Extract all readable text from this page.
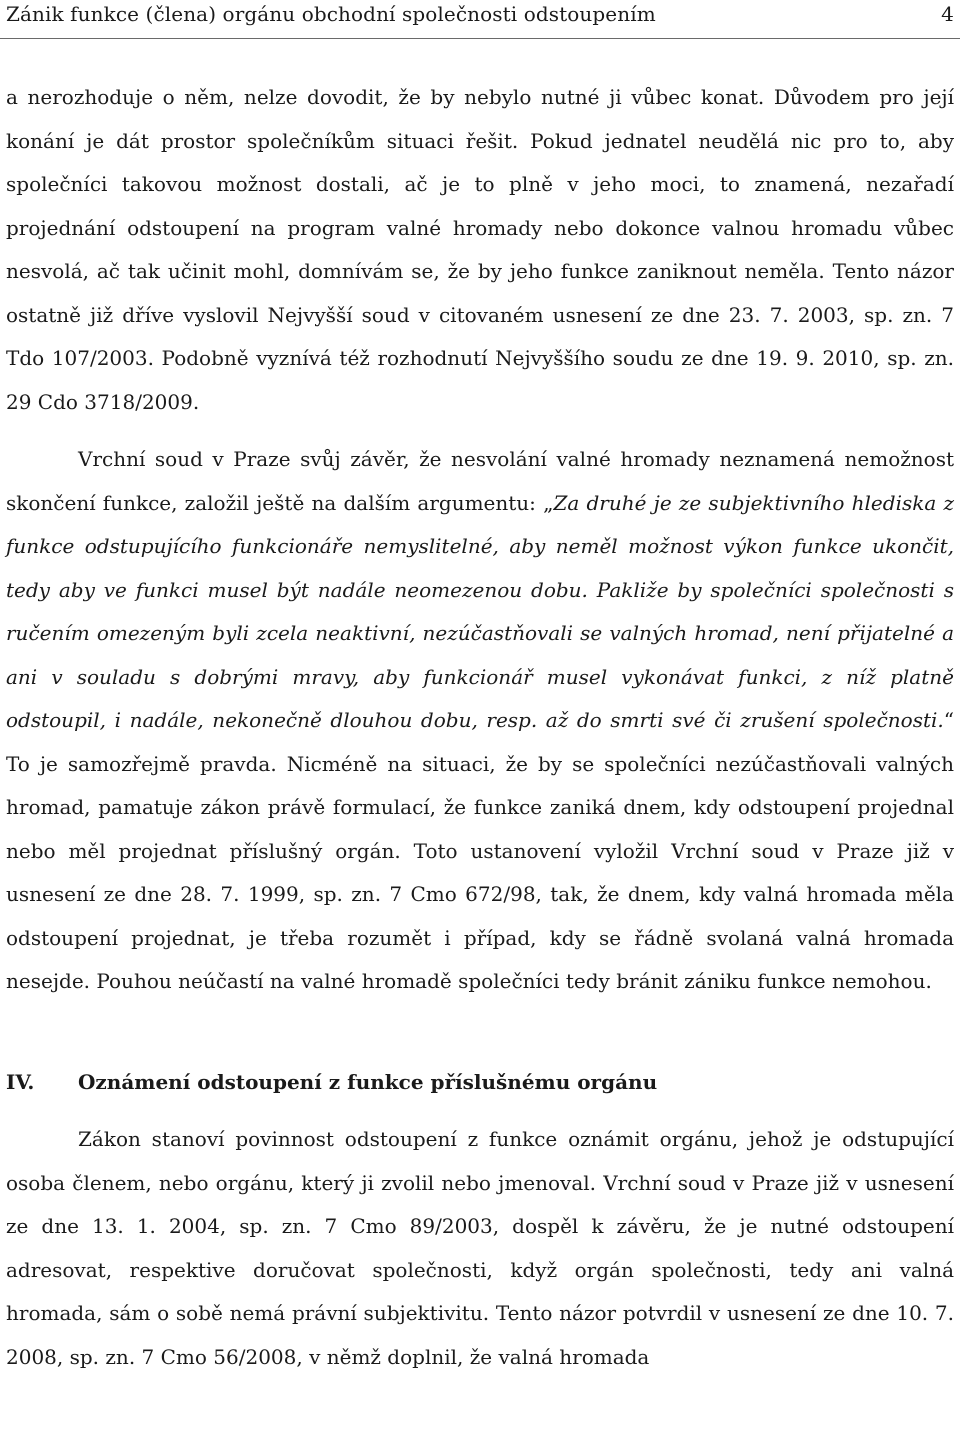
Zánik funkce (člena) orgánu obchodní společnosti odstoupením	4

a nerozhoduje o něm, nelze dovodit, že by nebylo nutné ji vůbec konat. Důvodem pro její konání je dát prostor společníkům situaci řešit. Pokud jednatel neudělá nic pro to, aby společníci takovou možnost dostali, ač je to plně v jeho moci, to znamená, nezařadí projednání odstoupení na program valné hromady nebo dokonce valnou hromadu vůbec nesvolá, ač tak učinit mohl, domnívám se, že by jeho funkce zaniknout neměla. Tento názor ostatně již dříve vyslovil Nejvyšší soud v citovaném usnesení ze dne 23. 7. 2003, sp. zn. 7 Tdo 107/2003. Podobně vyznívá též rozhodnutí Nejvyššího soudu ze dne 19. 9. 2010, sp. zn. 29 Cdo 3718/2009.

Vrchní soud v Praze svůj závěr, že nesvolání valné hromady neznamená nemožnost skončení funkce, založil ještě na dalším argumentu: „Za druhé je ze subjektivního hlediska z funkce odstupujícího funkcionáře nemyslitelné, aby neměl možnost výkon funkce ukončit, tedy aby ve funkci musel být nadále neomezenou dobu. Pakliže by společníci společnosti s ručením omezeným byli zcela neaktivní, nezúčastňovali se valných hromad, není přijatelné a ani v souladu s dobrými mravy, aby funkcionář musel vykonávat funkci, z níž platně odstoupil, i nadále, nekonečně dlouhou dobu, resp. až do smrti své či zrušení společnosti.“ To je samozřejmě pravda. Nicméně na situaci, že by se společníci nezúčastňovali valných hromad, pamatuje zákon právě formulací, že funkce zaniká dnem, kdy odstoupení projednal nebo měl projednat příslušný orgán. Toto ustanovení vyložil Vrchní soud v Praze již v usnesení ze dne 28. 7. 1999, sp. zn. 7 Cmo 672/98, tak, že dnem, kdy valná hromada měla odstoupení projednat, je třeba rozumět i případ, kdy se řádně svolaná valná hromada nesejde. Pouhou neúčastí na valné hromadě společníci tedy bránit zániku funkce nemohou.

IV.	Oznámení odstoupení z funkce příslušnému orgánu

Zákon stanoví povinnost odstoupení z funkce oznámit orgánu, jehož je odstupující osoba členem, nebo orgánu, který ji zvolil nebo jmenoval. Vrchní soud v Praze již v usnesení ze dne 13. 1. 2004, sp. zn. 7 Cmo 89/2003, dospěl k závěru, že je nutné odstoupení adresovat, respektive doručovat společnosti, když orgán společnosti, tedy ani valná hromada, sám o sobě nemá právní subjektivitu. Tento názor potvrdil v usnesení ze dne 10. 7. 2008, sp. zn. 7 Cmo 56/2008, v němž doplnil, že valná hromada
